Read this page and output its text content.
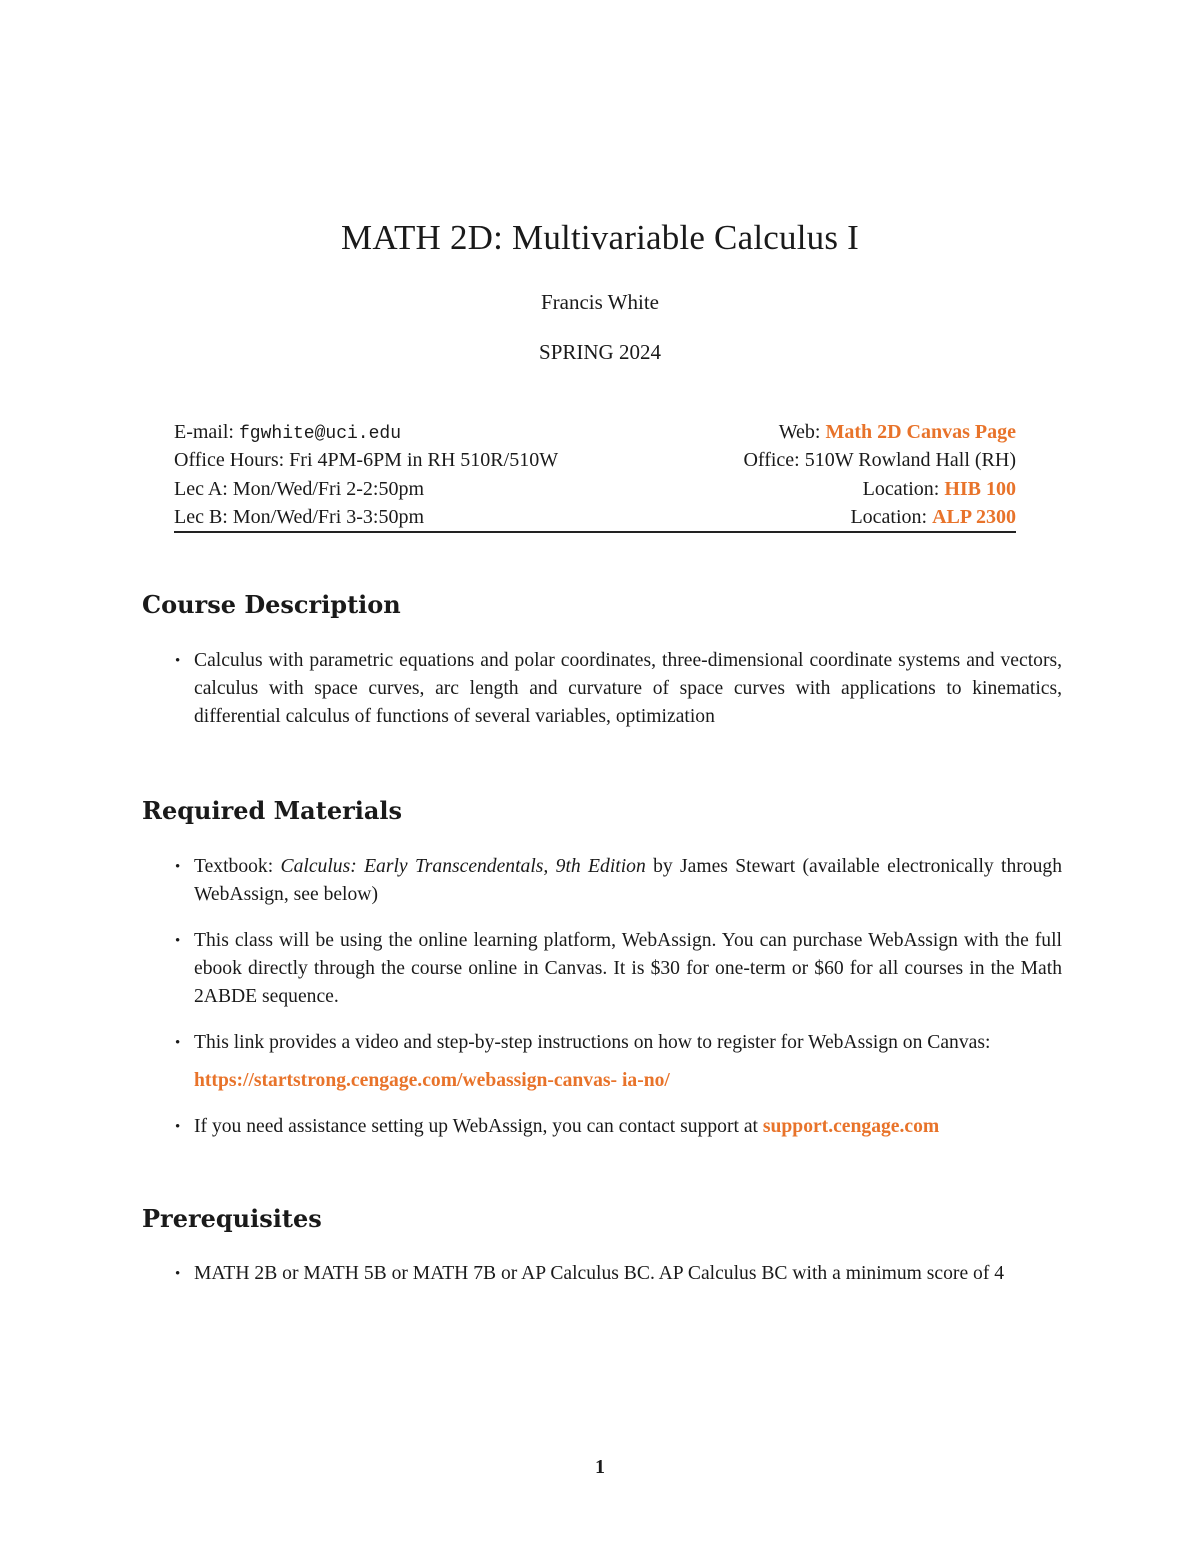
MATH 2D: Multivariable Calculus I
Francis White
SPRING 2024
E-mail: fgwhite@uci.edu	Web: Math 2D Canvas Page
Office Hours: Fri 4PM-6PM in RH 510R/510W	Office: 510W Rowland Hall (RH)
Lec A: Mon/Wed/Fri 2-2:50pm	Location: HIB 100
Lec B: Mon/Wed/Fri 3-3:50pm	Location: ALP 2300
Course Description
• Calculus with parametric equations and polar coordinates, three-dimensional coordinate systems and vectors, calculus with space curves, arc length and curvature of space curves with applications to kinematics, differential calculus of functions of several variables, optimization
Required Materials
• Textbook: Calculus: Early Transcendentals, 9th Edition by James Stewart (available electronically through WebAssign, see below)
• This class will be using the online learning platform, WebAssign. You can purchase WebAssign with the full ebook directly through the course online in Canvas. It is $30 for one-term or $60 for all courses in the Math 2ABDE sequence.
• This link provides a video and step-by-step instructions on how to register for WebAssign on Canvas:
https://startstrong.cengage.com/webassign-canvas- ia-no/
• If you need assistance setting up WebAssign, you can contact support at support.cengage.com
Prerequisites
• MATH 2B or MATH 5B or MATH 7B or AP Calculus BC. AP Calculus BC with a minimum score of 4
1
